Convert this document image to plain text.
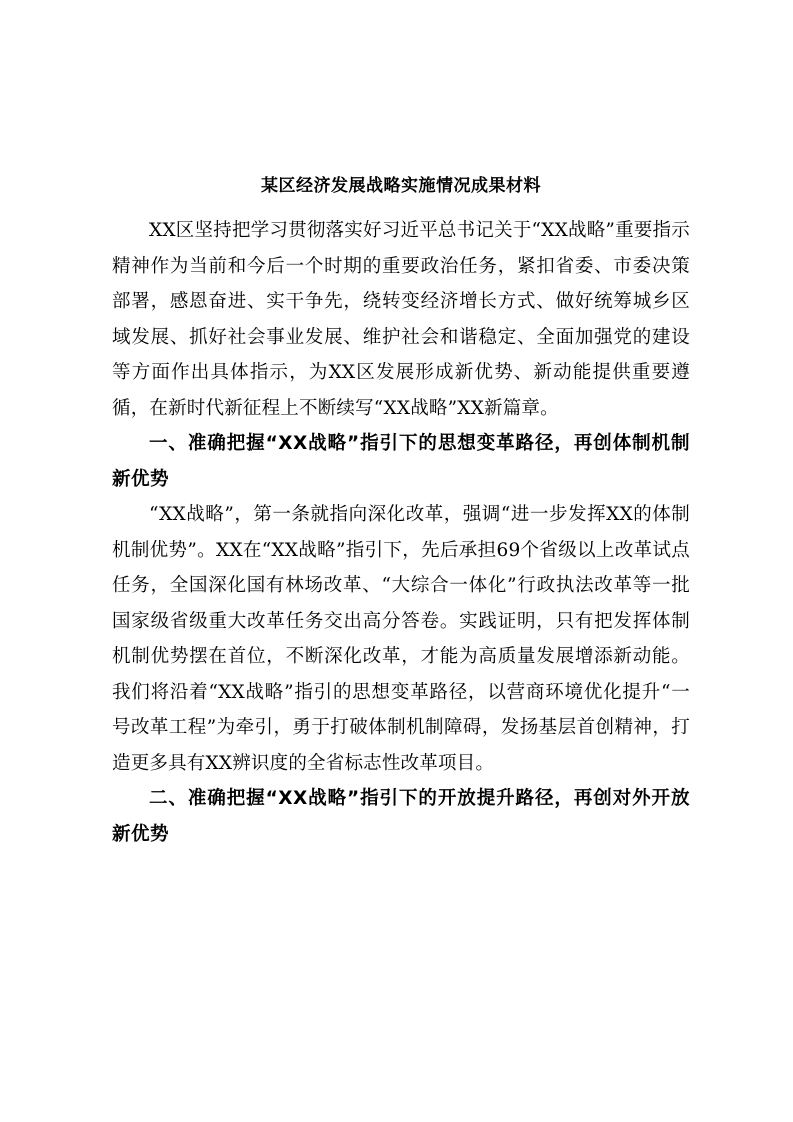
某区经济发展战略实施情况成果材料

XX区坚持把学习贯彻落实好习近平总书记关于“XX战略”重要指示精神作为当前和今后一个时期的重要政治任务，紧扣省委、市委决策部署，感恩奋进、实干争先，绕转变经济增长方式、做好统筹城乡区域发展、抓好社会事业发展、维护社会和谐稳定、全面加强党的建设等方面作出具体指示，为XX区发展形成新优势、新动能提供重要遵循，在新时代新征程上不断续写“XX战略”XX新篇章。

一、准确把握“XX战略”指引下的思想变革路径，再创体制机制新优势

“XX战略”，第一条就指向深化改革，强调“进一步发挥XX的体制机制优势”。XX在“XX战略”指引下，先后承担69个省级以上改革试点任务，全国深化国有林场改革、“大综合一体化”行政执法改革等一批国家级省级重大改革任务交出高分答卷。实践证明，只有把发挥体制机制优势摆在首位，不断深化改革，才能为高质量发展增添新动能。我们将沿着“XX战略”指引的思想变革路径，以营商环境优化提升“一号改革工程”为牵引，勇于打破体制机制障碍，发扬基层首创精神，打造更多具有XX辨识度的全省标志性改革项目。

二、准确把握“XX战略”指引下的开放提升路径，再创对外开放新优势
